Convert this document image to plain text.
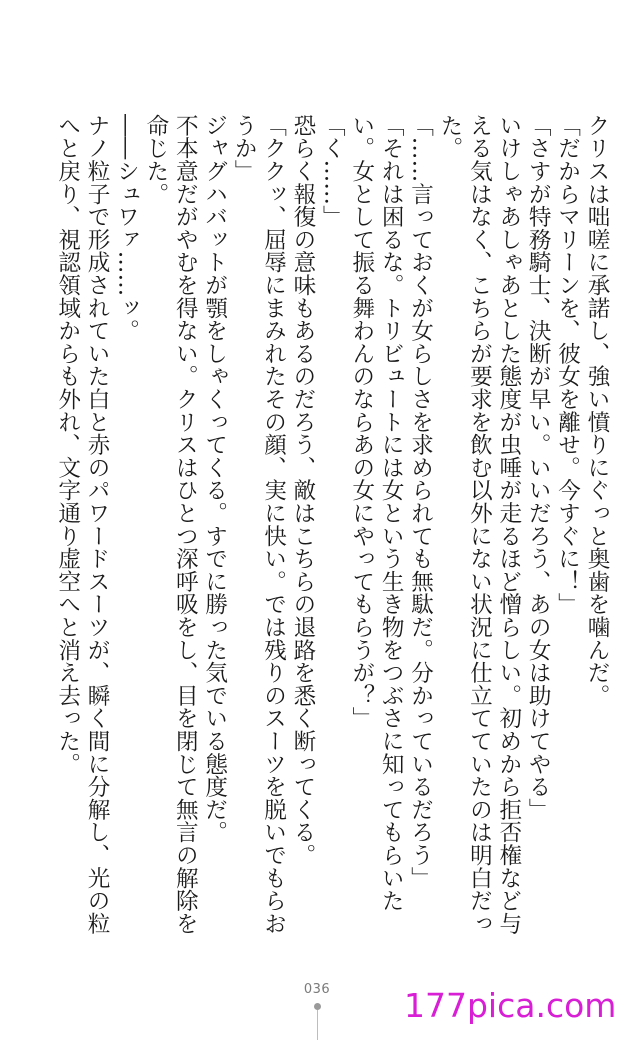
クリスは咄嗟に承諾し、強い憤りにぐっと奥歯を噛んだ。

「だからマリーンを、彼女を離せ。今すぐに！」

「さすが特務騎士、決断が早い。いいだろう、あの女は助けてやる」

いけしゃあしゃあとした態度が虫唾が走るほど憎らしい。初めから拒否権など与える気はなく、こちらが要求を飲む以外にない状況に仕立てていたのは明白だった。

「……言っておくが女らしさを求められても無駄だ。分かっているだろう」

「それは困るな。トリビュートには女という生き物をつぶさに知ってもらいたい。女として振る舞わんのならあの女にやってもらうが？」

「く……」

恐らく報復の意味もあるのだろう、敵はこちらの退路を悉く断ってくる。

「ククッ、屈辱にまみれたその顔、実に快い。では残りのスーツを脱いでもらおうか」

ジャグハバットが顎をしゃくってくる。すでに勝った気でいる態度だ。

不本意だがやむを得ない。クリスはひとつ深呼吸をし、目を閉じて無言の解除を命じた。

――シュワァ……ッ。

ナノ粒子で形成されていた白と赤のパワードスーツが、瞬く間に分解し、光の粒へと戻り、視認領域からも外れ、文字通り虚空へと消え去った。

036 177pica.com
